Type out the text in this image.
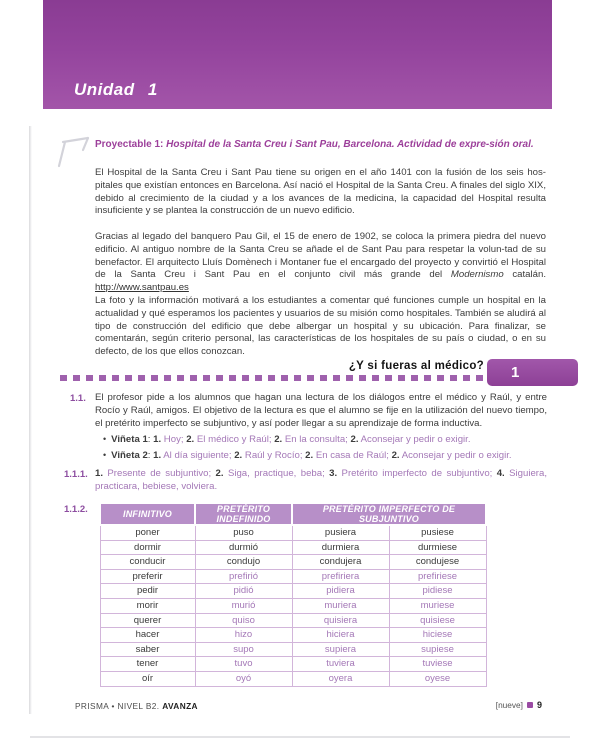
Unidad 1
Proyectable 1: Hospital de la Santa Creu i Sant Pau, Barcelona. Actividad de expre-sión oral.
El Hospital de la Santa Creu i Sant Pau tiene su origen en el año 1401 con la fusión de los seis hos-pitales que existían entonces en Barcelona. Así nació el Hospital de la Santa Creu. A finales del siglo XIX, debido al crecimiento de la ciudad y a los avances de la medicina, la capacidad del Hospital resulta insuficiente y se plantea la construcción de un nuevo edificio.
Gracias al legado del banquero Pau Gil, el 15 de enero de 1902, se coloca la primera piedra del nuevo edificio. Al antiguo nombre de la Santa Creu se añade el de Sant Pau para respetar la volun-tad de su benefactor. El arquitecto Lluís Domènech i Montaner fue el encargado del proyecto y convirtió el Hospital de la Santa Creu i Sant Pau en el conjunto civil más grande del Modernismo catalán. http://www.santpau.es
La foto y la información motivará a los estudiantes a comentar qué funciones cumple un hospital en la actualidad y qué esperamos los pacientes y usuarios de su misión como hospitales. También se aludirá al tipo de construcción del edificio que debe albergar un hospital y su ubicación. Para finalizar, se comentarán, según criterio personal, las características de los hospitales de su país o ciudad, o en su defecto, de los que ellos conozcan.
¿Y si fueras al médico? 1
1.1. El profesor pide a los alumnos que hagan una lectura de los diálogos entre el médico y Raúl, y entre Rocío y Raúl, amigos. El objetivo de la lectura es que el alumno se fije en la utilización del nuevo tiempo, el pretérito imperfecto se subjuntivo, y así poder llegar a su aprendizaje de forma inductiva.
• Viñeta 1: 1. Hoy; 2. El médico y Raúl; 2. En la consulta; 2. Aconsejar y pedir o exigir.
• Viñeta 2: 1. Al día siguiente; 2. Raúl y Rocío; 2. En casa de Raúl; 2. Aconsejar y pedir o exigir.
1.1.1. 1. Presente de subjuntivo; 2. Siga, practique, beba; 3. Pretérito imperfecto de subjuntivo; 4. Siguiera, practicara, bebiese, volviera.
1.1.2.	INFINITIVO	PRETÉRITO INDEFINIDO	PRETÉRITO IMPERFECTO DE SUBJUNTIVO	
poner	puso	pusiera	pusiese
dormir	durmió	durmiera	durmiese
conducir	condujo	condujera	condujese
preferir	prefirió	prefiriera	prefiriese
pedir	pidió	pidiera	pidiese
morir	murió	muriera	muriese
querer	quiso	quisiera	quisiese
hacer	hizo	hiciera	hiciese
saber	supo	supiera	supiese
tener	tuvo	tuviera	tuviese
oír	oyó	oyera	oyese
PRISMA • NIVEL B2. AVANZA	[nueve] 9
